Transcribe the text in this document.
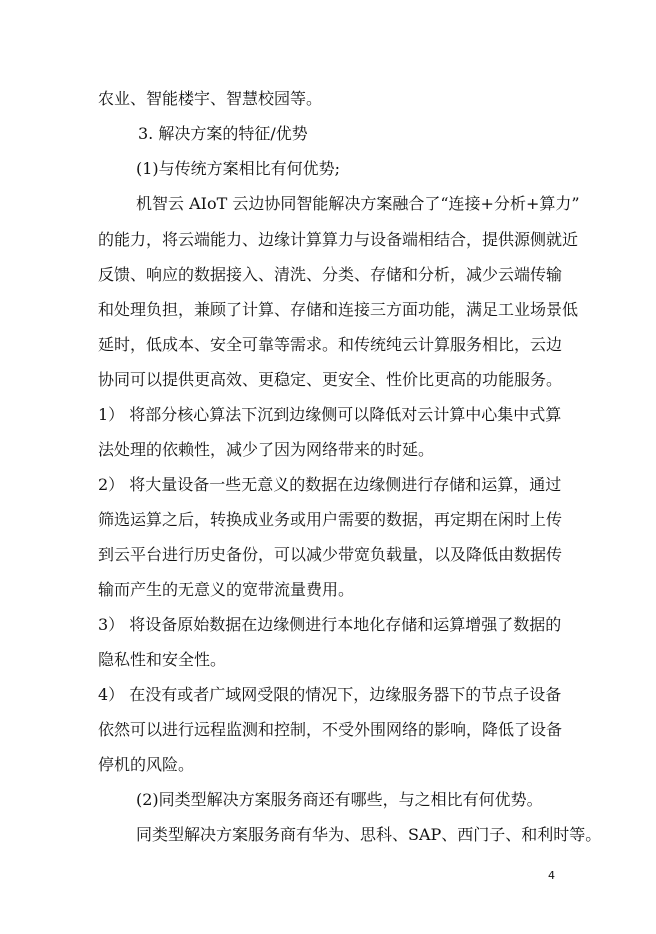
农业、智能楼宇、智慧校园等。
3. 解决方案的特征/优势
(1)与传统方案相比有何优势;
机智云 AIoT 云边协同智能解决方案融合了“连接+分析+算力”
的能力，将云端能力、边缘计算算力与设备端相结合，提供源侧就近
反馈、响应的数据接入、清洗、分类、存储和分析，减少云端传输
和处理负担，兼顾了计算、存储和连接三方面功能，满足工业场景低
延时，低成本、安全可靠等需求。和传统纯云计算服务相比，云边
协同可以提供更高效、更稳定、更安全、性价比更高的功能服务。
1） 将部分核心算法下沉到边缘侧可以降低对云计算中心集中式算
法处理的依赖性，减少了因为网络带来的时延。
2） 将大量设备一些无意义的数据在边缘侧进行存储和运算，通过
筛选运算之后，转换成业务或用户需要的数据，再定期在闲时上传
到云平台进行历史备份，可以减少带宽负载量，以及降低由数据传
输而产生的无意义的宽带流量费用。
3） 将设备原始数据在边缘侧进行本地化存储和运算增强了数据的
隐私性和安全性。
4） 在没有或者广域网受限的情况下，边缘服务器下的节点子设备
依然可以进行远程监测和控制，不受外围网络的影响，降低了设备
停机的风险。
(2)同类型解决方案服务商还有哪些，与之相比有何优势。
同类型解决方案服务商有华为、思科、SAP、西门子、和利时等。
4
